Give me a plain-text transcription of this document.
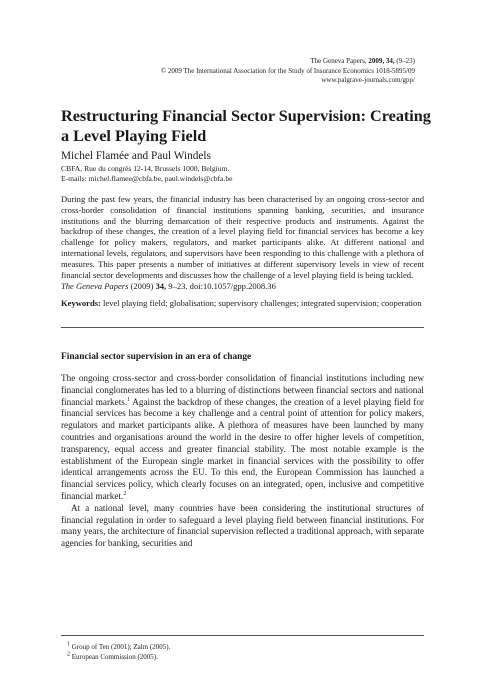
The Geneva Papers, 2009, 34, (9–23)
© 2009 The International Association for the Study of Insurance Economics 1018-5895/09
www.palgrave-journals.com/gpp/
Restructuring Financial Sector Supervision: Creating a Level Playing Field
Michel Flamée and Paul Windels
CBFA, Rue du congrès 12-14, Brussels 1000, Belgium.
E-mails: michel.flamee@cbfa.be, paul.windels@cbfa.be

During the past few years, the financial industry has been characterised by an ongoing cross-sector and cross-border consolidation of financial institutions spanning banking, securities, and insurance institutions and the blurring demarcation of their respective products and instruments. Against the backdrop of these changes, the creation of a level playing field for financial services has become a key challenge for policy makers, regulators, and market participants alike. At different national and international levels, regulators, and supervisors have been responding to this challenge with a plethora of measures. This paper presents a number of initiatives at different supervisory levels in view of recent financial sector developments and discusses how the challenge of a level playing field is being tackled.

The Geneva Papers (2009) 34, 9–23. doi:10.1057/gpp.2008.36

Keywords: level playing field; globalisation; supervisory challenges; integrated supervision; cooperation

Financial sector supervision in an era of change

The ongoing cross-sector and cross-border consolidation of financial institutions including new financial conglomerates has led to a blurring of distinctions between financial sectors and national financial markets.$^1$ Against the backdrop of these changes, the creation of a level playing field for financial services has become a key challenge and a central point of attention for policy makers, regulators and market participants alike. A plethora of measures have been launched by many countries and organisations around the world in the desire to offer higher levels of competition, transparency, equal access and greater financial stability. The most notable example is the establishment of the European single market in financial services with the possibility to offer identical arrangements across the EU. To this end, the European Commission has launched a financial services policy, which clearly focuses on an integrated, open, inclusive and competitive financial market.$^2$

At a national level, many countries have been considering the institutional structures of financial regulation in order to safeguard a level playing field between financial institutions. For many years, the architecture of financial supervision reflected a traditional approach, with separate agencies for banking, securities and

$^1$ Group of Ten (2001); Zalm (2005).
$^2$ European Commission (2005).
